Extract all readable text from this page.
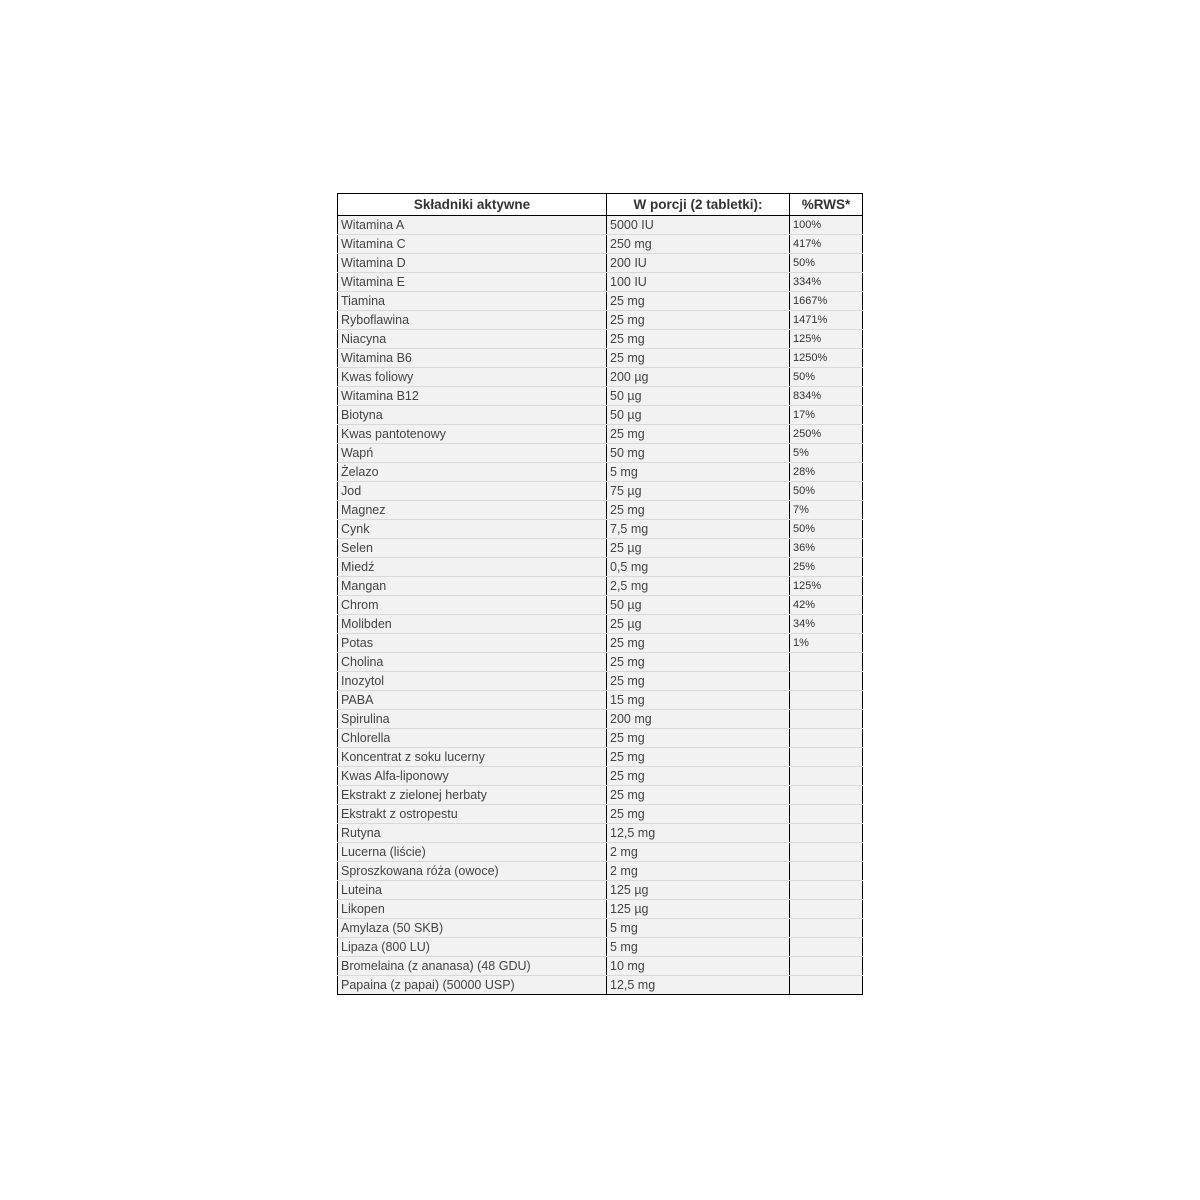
Składniki aktywne	W porcji (2 tabletki):	%RWS*
Witamina A	5000 IU	100%
Witamina C	250 mg	417%
Witamina D	200 IU	50%
Witamina E	100 IU	334%
Tiamina	25 mg	1667%
Ryboflawina	25 mg	1471%
Niacyna	25 mg	125%
Witamina B6	25 mg	1250%
Kwas foliowy	200 µg	50%
Witamina B12	50 µg	834%
Biotyna	50 µg	17%
Kwas pantotenowy	25 mg	250%
Wapń	50 mg	5%
Żelazo	5 mg	28%
Jod	75 µg	50%
Magnez	25 mg	7%
Cynk	7,5 mg	50%
Selen	25 µg	36%
Miedź	0,5 mg	25%
Mangan	2,5 mg	125%
Chrom	50 µg	42%
Molibden	25 µg	34%
Potas	25 mg	1%
Cholina	25 mg	
Inozytol	25 mg	
PABA	15 mg	
Spirulina	200 mg	
Chlorella	25 mg	
Koncentrat z soku lucerny	25 mg	
Kwas Alfa-liponowy	25 mg	
Ekstrakt z zielonej herbaty	25 mg	
Ekstrakt z ostropestu	25 mg	
Rutyna	12,5 mg	
Lucerna (liście)	2 mg	
Sproszkowana róża (owoce)	2 mg	
Luteina	125 µg	
Likopen	125 µg	
Amylaza (50 SKB)	5 mg	
Lipaza (800 LU)	5 mg	
Bromelaina (z ananasa) (48 GDU)	10 mg	
Papaina (z papai) (50000 USP)	12,5 mg	
